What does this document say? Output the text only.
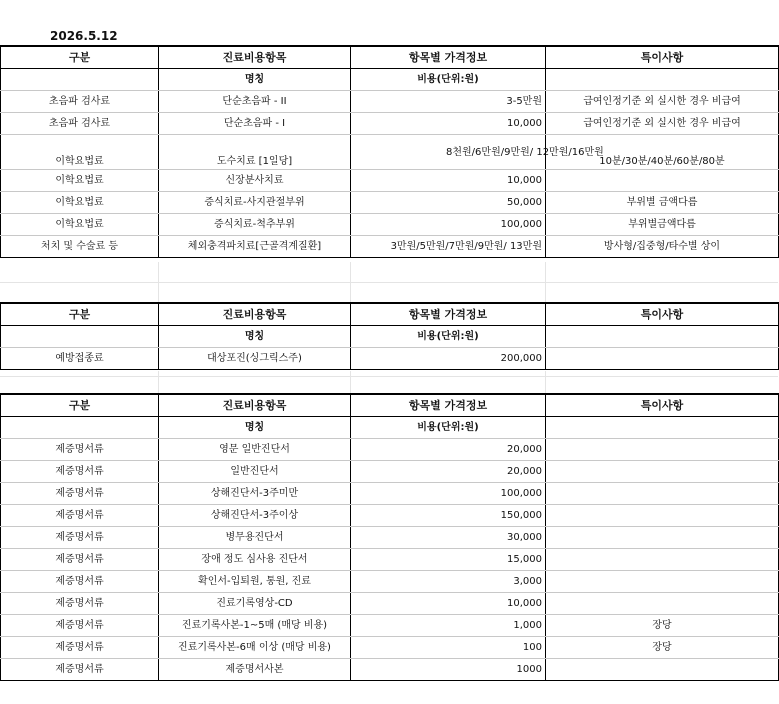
2026.5.12
구분	진료비용항목	항목별 가격정보	특이사항
	명칭	비용(단위:원)	
초음파 검사료	단순초음파 - II	3-5만원	급여인정기준 외 실시한 경우 비급여
초음파 검사료	단순초음파 - I	10,000	급여인정기준 외 실시한 경우 비급여
이학요법료	도수치료 [1일당]	8천원/6만원/9만원/ 12만원/16만원	10분/30분/40분/60분/80분
이학요법료	신장분사치료	10,000	
이학요법료	증식치료-사지관절부위	50,000	부위별 금액다름
이학요법료	증식치료-척추부위	100,000	부위별금액다름
처치 및 수술료 등	체외충격파치료[근골격계질환]	3만원/5만원/7만원/9만원/ 13만원	방사형/집중형/타수별 상이
구분	진료비용항목	항목별 가격정보	특이사항
	명칭	비용(단위:원)	
예방접종료	대상포진(싱그릭스주)	200,000	
구분	진료비용항목	항목별 가격정보	특이사항
	명칭	비용(단위:원)	
제증명서류	영문 일반진단서	20,000	
제증명서류	일반진단서	20,000	
제증명서류	상해진단서-3주미만	100,000	
제증명서류	상해진단서-3주이상	150,000	
제증명서류	병무용진단서	30,000	
제증명서류	장애 정도 심사용 진단서	15,000	
제증명서류	확인서-입퇴원, 통원, 진료	3,000	
제증명서류	진료기록영상-CD	10,000	
제증명서류	진료기록사본-1~5매 (매당 비용)	1,000	장당
제증명서류	진료기록사본-6매 이상 (매당 비용)	100	장당
제증명서류	제증명서사본	1000	
